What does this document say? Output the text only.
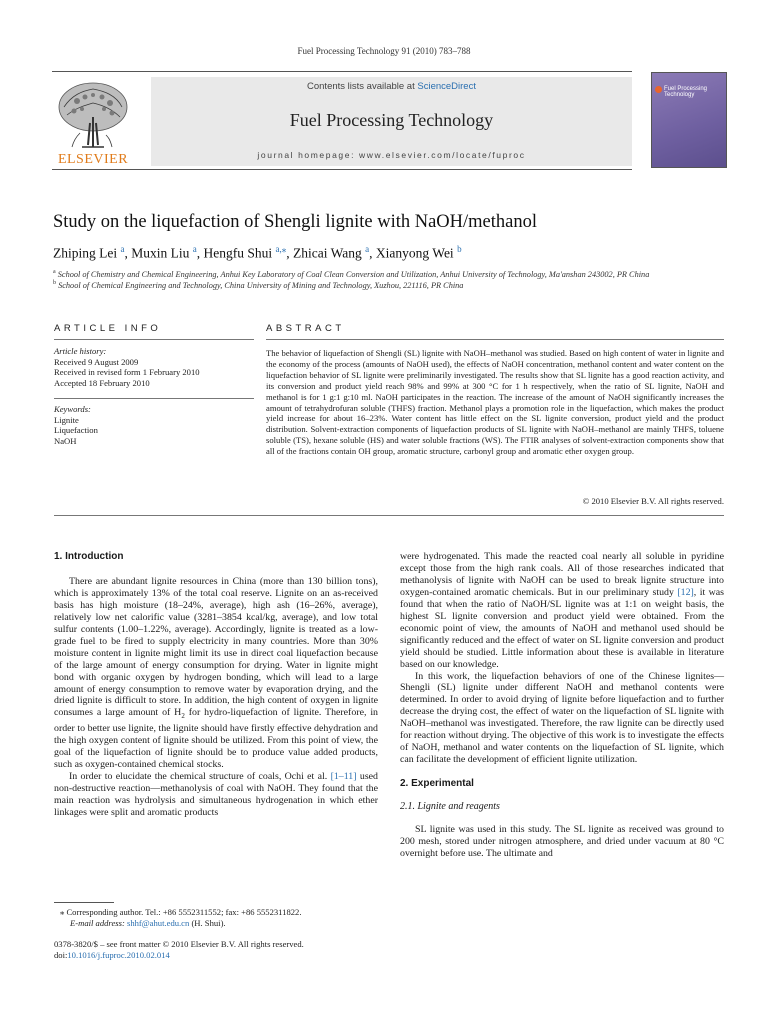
Fuel Processing Technology 91 (2010) 783–788
ELSEVIER
Contents lists available at ScienceDirect
Fuel Processing Technology
journal homepage: www.elsevier.com/locate/fuproc
Fuel Processing Technology
Study on the liquefaction of Shengli lignite with NaOH/methanol
Zhiping Lei $^a$, Muxin Liu $^a$, Hengfu Shui $^{a,⁎}$, Zhicai Wang $^a$, Xianyong Wei $^b$
$^a$ School of Chemistry and Chemical Engineering, Anhui Key Laboratory of Coal Clean Conversion and Utilization, Anhui University of Technology, Ma'anshan 243002, PR China
$^b$ School of Chemical Engineering and Technology, China University of Mining and Technology, Xuzhou, 221116, PR China
ARTICLE INFO
Article history:
Received 9 August 2009
Received in revised form 1 February 2010
Accepted 18 February 2010
Keywords:
Lignite
Liquefaction
NaOH
ABSTRACT
The behavior of liquefaction of Shengli (SL) lignite with NaOH–methanol was studied. Based on high content of water in lignite and the economy of the process (amounts of NaOH used), the effects of NaOH concentration, methanol content and water content on the liquefaction behavior of SL lignite were preliminarily investigated. The results show that SL lignite has a good reaction activity, and its conversion and product yield reach 98% and 99% at 300 °C for 1 h respectively, when the ratio of SL lignite, NaOH and methanol is for 1 g:1 g:10 ml. NaOH participates in the reaction. The increase of the amount of NaOH significantly increases the amount of tetrahydrofuran soluble (THFS) fraction. Methanol plays a promotion role in the liquefaction, which makes the product yield increase for about 16–23%. Water content has little effect on the SL lignite conversion, product yield and the product distribution. Solvent-extraction components of liquefaction products of SL lignite with NaOH–methanol are mainly THFS, toluene soluble (TS), hexane soluble (HS) and water soluble fractions (WS). The FTIR analyses of solvent-extraction components show that all of the fractions contain OH group, aromatic structure, carbonyl group and aromatic ether oxygen group.
© 2010 Elsevier B.V. All rights reserved.
1. Introduction

There are abundant lignite resources in China (more than 130 billion tons), which is approximately 13% of the total coal reserve. Lignite on an as-received basis has high moisture (18–24%, average), high ash (16–26%, average), relatively low net calorific value (3281–3854 kcal/kg, average), and low total sulfur contents (1.00–1.22%, average). Accordingly, lignite is treated as a low-grade fuel to be fired to supply electricity in many countries. More than 30% moisture content in lignite might limit its use in direct coal liquefaction because of the large amount of energy consumption for drying. Water in lignite might bond with organic oxygen by hydrogen bonding, which will lead to a large amount of energy consumption to remove water by evaporation drying, and the dried lignite is difficult to store. In addition, the high content of oxygen in lignite consumes a large amount of $H_2$ for hydro-liquefaction of lignite. Therefore, in order to better use lignite, the lignite should have firstly effective dehydration and the high oxygen content of lignite should be utilized. From this point of view, the goal of the liquefaction of lignite should be to produce value added products, such as oxygen-contained chemical stocks.

In order to elucidate the chemical structure of coals, Ochi et al. [1–11] used non-destructive reaction—methanolysis of coal with NaOH. They found that the main reaction was hydrolysis and simultaneous hydrogenation in which ether linkages were split and aromatic products

were hydrogenated. This made the reacted coal nearly all soluble in pyridine except those from the high rank coals. All of those researches indicated that methanolysis of lignite with NaOH can be used to break lignite structure into oxygen-contained aromatic chemicals. But in our preliminary study [12], it was found that when the ratio of NaOH/SL lignite was at 1:1 on weight basis, the highest SL lignite conversion and product yield were obtained. From the economic point of view, the amounts of NaOH and methanol used should be significantly reduced and the effect of water on SL lignite conversion and product yield should be studied. Little information about these is available in literature based on our knowledge.

In this work, the liquefaction behaviors of one of the Chinese lignites—Shengli (SL) lignite under different NaOH and methanol contents were determined. In order to avoid drying of lignite before liquefaction and to further decrease the drying cost, the effect of water on the liquefaction of SL lignite with NaOH–methanol was investigated. Therefore, the raw lignite can be directly used for reaction without drying. The objective of this work is to investigate the effects of NaOH, methanol and water contents on the liquefaction of SL lignite, which can facilitate the development of efficient lignite utilization.

2. Experimental
2.1. Lignite and reagents

SL lignite was used in this study. The SL lignite as received was ground to 200 mesh, stored under nitrogen atmosphere, and dried under vacuum at 80 °C overnight before use. The ultimate and

⁎ Corresponding author. Tel.: +86 5552311552; fax: +86 5552311822.
E-mail address: shhf@ahut.edu.cn (H. Shui).
0378-3820/$ – see front matter © 2010 Elsevier B.V. All rights reserved.
doi:10.1016/j.fuproc.2010.02.014
